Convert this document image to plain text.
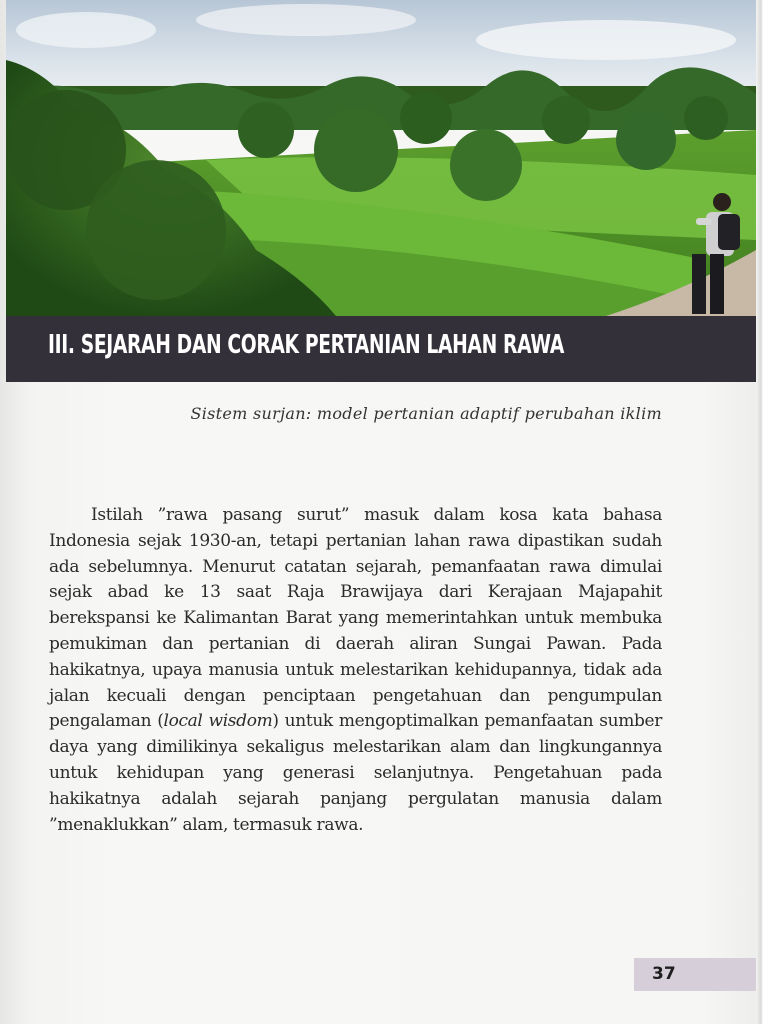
III. SEJARAH DAN CORAK PERTANIAN LAHAN RAWA
Sistem surjan: model pertanian adaptif perubahan iklim

Istilah ”rawa pasang surut” masuk dalam kosa kata bahasa Indonesia sejak 1930-an, tetapi pertanian lahan rawa dipastikan sudah ada sebelumnya. Menurut catatan sejarah, pemanfaatan rawa dimulai sejak abad ke 13 saat Raja Brawijaya dari Kerajaan Majapahit berekspansi ke Kalimantan Barat yang memerintahkan untuk membuka pemukiman dan pertanian di daerah aliran Sungai Pawan. Pada hakikatnya, upaya manusia untuk melestarikan kehidupannya, tidak ada jalan kecuali dengan penciptaan pengetahuan dan pengumpulan pengalaman (local wisdom) untuk mengoptimalkan pemanfaatan sumber daya yang dimilikinya sekaligus melestarikan alam dan lingkungannya untuk kehidupan yang generasi selanjutnya. Pengetahuan pada hakikatnya adalah sejarah panjang pergulatan manusia dalam ”menaklukkan” alam, termasuk rawa.

37
